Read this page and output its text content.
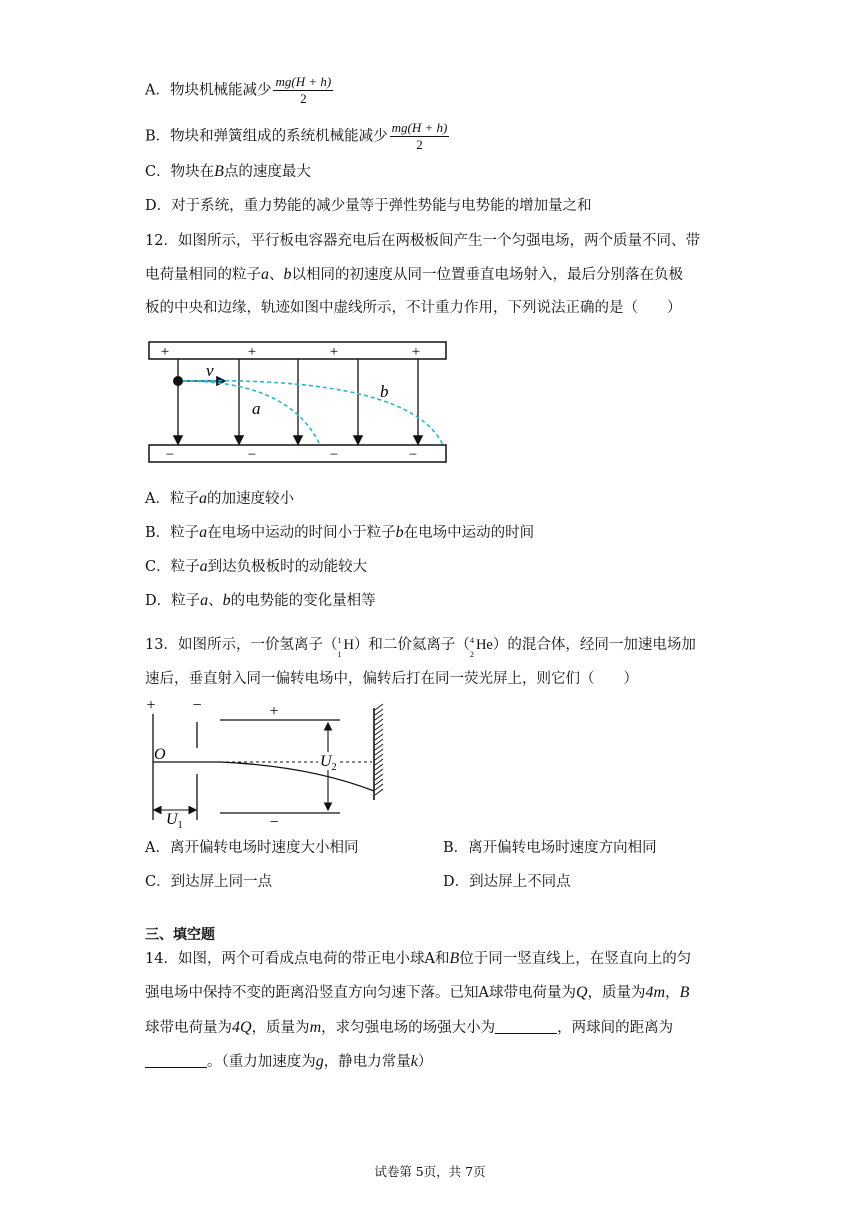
A．物块机械能减少 $\frac{mg(H + h)}{2}$
B．物块和弹簧组成的系统机械能减少 $\frac{mg(H + h)}{2}$
C．物块在B点的速度最大
D．对于系统，重力势能的减少量等于弹性势能与电势能的增加量之和
12．如图所示，平行板电容器充电后在两极板间产生一个匀强电场，两个质量不同、带
电荷量相同的粒子a、b以相同的初速度从同一位置垂直电场射入，最后分别落在负极
板的中央和边缘，轨迹如图中虚线所示，不计重力作用，下列说法正确的是（　　）
+	+	+	+
−	−	−	−
v
a
b
A．粒子a的加速度较小
B．粒子a在电场中运动的时间小于粒子b在电场中运动的时间
C．粒子a到达负极板时的动能较大
D．粒子a、b的电势能的变化量相等
13．如图所示，一价氢离子（ 1
1
H）和二价氦离子（ 4
2
He）的混合体，经同一加速电场加
速后，垂直射入同一偏转电场中，偏转后打在同一荧光屏上，则它们（　　）
+ −
O
+
−
$U_2$
$U_1$
A．离开偏转电场时速度大小相同	B．离开偏转电场时速度方向相同
C．到达屏上同一点	D．到达屏上不同点
三、填空题
14．如图，两个可看成点电荷的带正电小球A和B位于同一竖直线上，在竖直向上的匀
强电场中保持不变的距离沿竖直方向匀速下落。已知A球带电荷量为Q，质量为4m，B
球带电荷量为4Q，质量为m，求匀强电场的场强大小为	，两球间的距离为
。（重力加速度为g，静电力常量k）
试卷第 5页，共 7页
